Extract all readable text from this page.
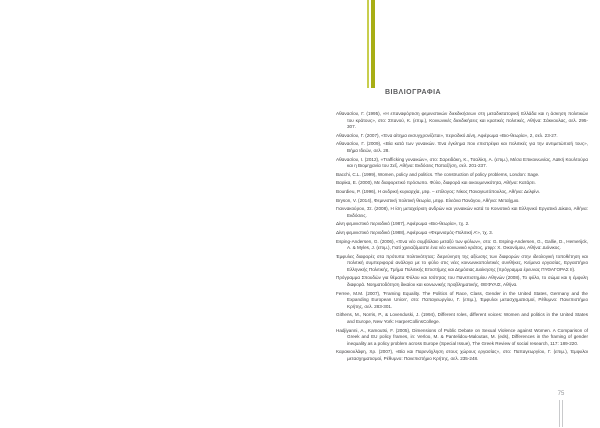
ΒΙΒΛΙΟΓΡΑΦΙΑ

Αθανασίου, Γ. (1995), «Η επαναφόρτιση φεμινιστικών διεκδικήσεων στη μεταδικτατορική Ελλάδα και η άσκηση πολιτικών του κράτους», στο: Σπανού, Κ. (επιμ.), Κοινωνικές διεκδικήσεις και κρατικές πολιτικές, Αθήνα: Σάκκουλας, σελ. 295-307.

Αθανασίου, Γ. (2007), «Ένα αίτημα εκσυγχρονίζεται», περιοδικό Δίνη, Αφιέρωμα «Βιο-θεωρία», 2, σελ. 23-27.

Αθανασίου, Γ. (2009), «Βία κατά των γυναικών. Ένα έγκλημα που επιστρέφει και πολιτικές για την αντιμετώπισή τους», Βήμα Ιδεών, σελ. 28.

Αθανασίου, Ι. (2012), «Trafficking γυναικών», στο: Σαρειδάκη, Κ., Τσαλίκη, Α. (επιμ.), Μέσα Επικοινωνίας, Λαϊκή Κουλτούρα και η Βιομηχανία του Σεξ, Αθήνα: Εκδόσεις Παπαζήση, σελ. 201-237.

Bacchi, C.L. (1999), Women, policy and politics. The construction of policy problems, London: Sage.

Βαρίκα, Ε. (2000), Με διαφορετικό πρόσωπο. Φύλο, διαφορά και οικουμενικότητα, Αθήνα: Κατάρτι.

Bourdieu, P. (1996), Η ανδρική κυριαρχία, μτφ. – επίλογος: Νίκος Παναγιωτόπουλος, Αθήνα: Δελφίνι.

Bryson, V. (2014), Φεμινιστική πολιτική θεωρία, μτφρ. Ελεάνα Πανάγου, Αθήνα: Μεταίχμιο.

Γιαννακούρου, Στ. (2008), Η ίση μεταχείριση ανδρών και γυναικών κατά το Κοινοτικό και Ελληνικό Εργατικό Δίκαιο, Αθήνα: Εκδόσεις.

Δίνη φεμινιστικό περιοδικό (1987), Αφιέρωμα «Βιο-θεωρία», τχ. 2.

Δίνη φεμινιστικό περιοδικό (1988), Αφιέρωμα «Φεμινισμός-Πολιτική Α'», τχ. 3.

Esping-Andersen, G. (2006), «Ένα νέο συμβόλαιο μεταξύ των φύλων», στο: G. Esping-Andersen, G., Gallie, D., Hemerijck, A. & Myles, J. (επιμ.), Γιατί χρειαζόμαστε ένα νέο κοινωνικό κράτος, μτφρ: Χ. Οικονόμου, Αθήνα: Διόνικος.

Έμφυλες διαφορές στα πρότυπα πολιτικότητας: διερεύνηση της αξίωσης των διαφορών στην ιδεολογική τοποθέτηση και πολιτική συμπεριφορά ανάλογα με το φύλο στις νέες κοινωνικοπολιτικές συνθήκες, Κείμενα εργασίας, Εργαστήριο Ελληνικής Πολιτικής, Τμήμα Πολιτικής Επιστήμης και Δημόσιας Διοίκησης (πρόγραμμα έρευνας ΠΥΘΑΓΟΡΑΣ ΙΙ).

Πρόγραμμα Σπουδών για θέματα Φύλου και Ισότητας του Πανεπιστημίου Αθηνών (2008), Το φύλο, το σώμα και η έμφυλη διαφορά. Νοηματοδότηση δικαίου και κοινωνικής προβληματικής, ΘΕΦΥΛΙΣ, Αθήνα.

Ferree, M.M. (2007), 'Framing Equality. The Politics of Race, Class, Gender in the United States, Germany and the Expanding European Union', στο: Παπαγεωργίου, Γ. (επιμ.), Έμφυλοι μετασχηματισμοί, Ρέθυμνο: Πανεπιστήμιο Κρήτης, σελ. 283-301.

Githens, M., Norris, P., & Lovenduski, J. (1994), Different roles, different voices: Women and politics in the United States and Europe, New York: HarperCollinsCollege.

Hadjiyanni, A., Kamoutsi, F. (2005), Dimensions of Public Debate on Sexual Violence against Women. A Comparison of Greek and EU policy frames, in: Verloo, M. & Pantelidou-Maloutas, M. (eds), Differences in the framing of gender inequality as a policy problem across Europe (Special Issue), The Greek Review of social research, 117: 189-220.

Καρακιουλάφη, Χρ. (2007), «Βία και Παρενόχληση στους χώρους εργασίας», στο: Παπαγεωργίου, Γ. (επιμ.), Έμφυλοι μετασχηματισμοί, Ρέθυμνο: Πανεπιστήμιο Κρήτης, σελ. 235-248.

75
